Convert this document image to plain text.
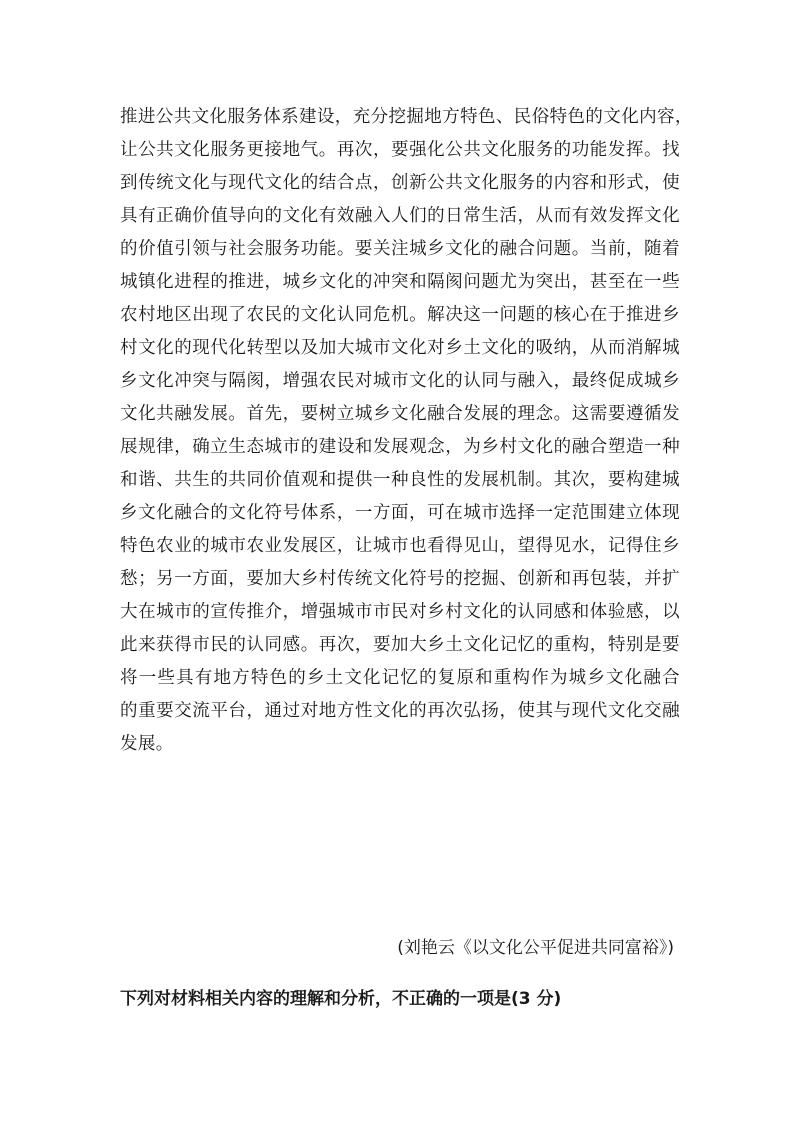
推进公共文化服务体系建设，充分挖掘地方特色、民俗特色的文化内容，
让公共文化服务更接地气。再次，要强化公共文化服务的功能发挥。找
到传统文化与现代文化的结合点，创新公共文化服务的内容和形式，使
具有正确价值导向的文化有效融入人们的日常生活，从而有效发挥文化
的价值引领与社会服务功能。要关注城乡文化的融合问题。当前，随着
城镇化进程的推进，城乡文化的冲突和隔阂问题尤为突出，甚至在一些
农村地区出现了农民的文化认同危机。解决这一问题的核心在于推进乡
村文化的现代化转型以及加大城市文化对乡土文化的吸纳，从而消解城
乡文化冲突与隔阂，增强农民对城市文化的认同与融入，最终促成城乡
文化共融发展。首先，要树立城乡文化融合发展的理念。这需要遵循发
展规律，确立生态城市的建设和发展观念，为乡村文化的融合塑造一种
和谐、共生的共同价值观和提供一种良性的发展机制。其次，要构建城
乡文化融合的文化符号体系，一方面，可在城市选择一定范围建立体现
特色农业的城市农业发展区，让城市也看得见山，望得见水，记得住乡
愁；另一方面，要加大乡村传统文化符号的挖掘、创新和再包装，并扩
大在城市的宣传推介，增强城市市民对乡村文化的认同感和体验感，以
此来获得市民的认同感。再次，要加大乡土文化记忆的重构，特别是要
将一些具有地方特色的乡土文化记忆的复原和重构作为城乡文化融合
的重要交流平台，通过对地方性文化的再次弘扬，使其与现代文化交融
发展。
(刘艳云《以文化公平促进共同富裕》)
下列对材料相关内容的理解和分析，不正确的一项是(3 分)
